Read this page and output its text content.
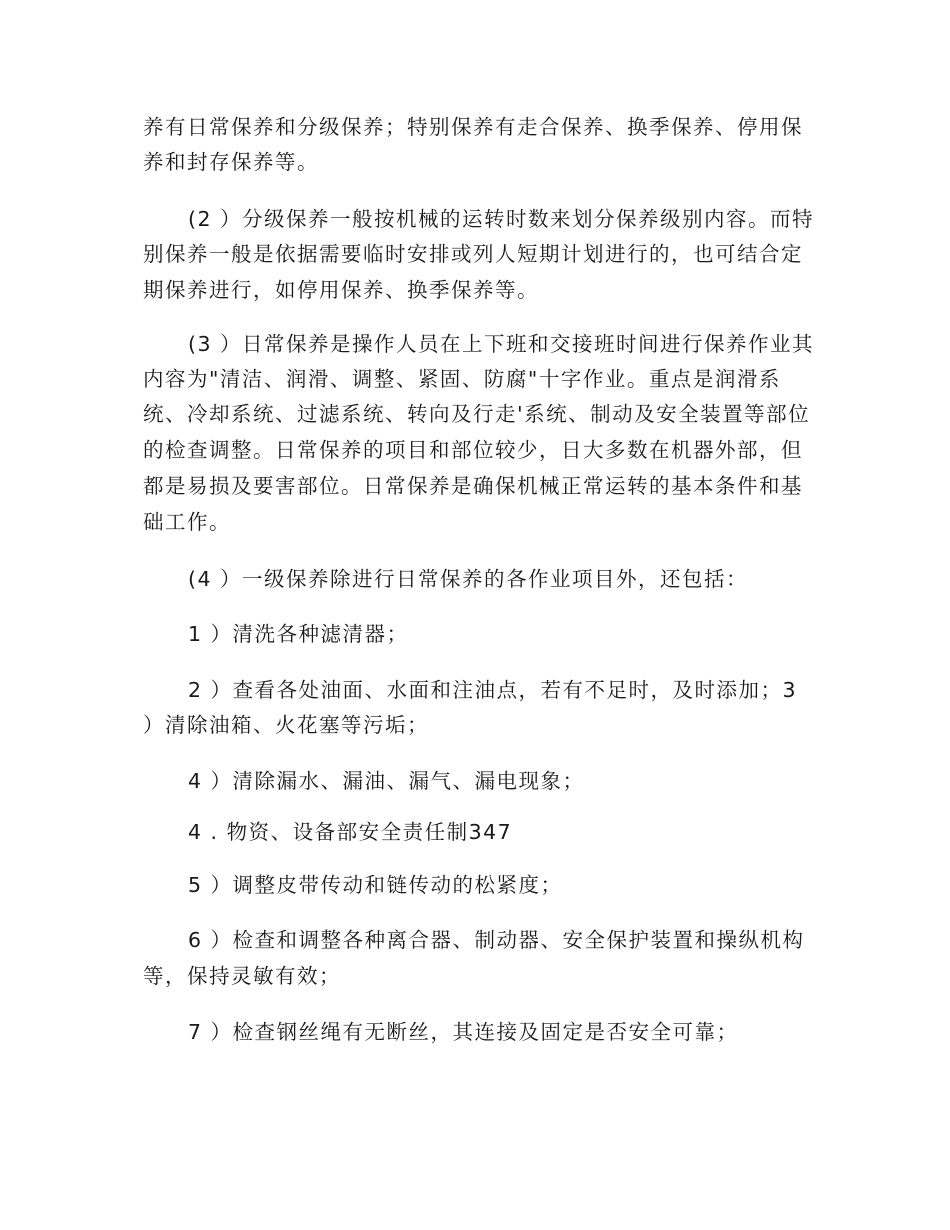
养有日常保养和分级保养；特别保养有走合保养、换季保养、停用保
养和封存保养等。
(2 ）分级保养一般按机械的运转时数来划分保养级别内容。而特
别保养一般是依据需要临时安排或列人短期计划进行的，也可结合定
期保养进行，如停用保养、换季保养等。
(3 ）日常保养是操作人员在上下班和交接班时间进行保养作业其
内容为"清洁、润滑、调整、紧固、防腐"十字作业。重点是润滑系
统、冷却系统、过滤系统、转向及行走'系统、制动及安全装置等部位
的检查调整。日常保养的项目和部位较少，日大多数在机器外部，但
都是易损及要害部位。日常保养是确保机械正常运转的基本条件和基
础工作。
(4 ）一级保养除进行日常保养的各作业项目外，还包括：
1 ）清洗各种滤清器；
2 ）查看各处油面、水面和注油点，若有不足时，及时添加；3
）清除油箱、火花塞等污垢；
4 ）清除漏水、漏油、漏气、漏电现象；
4 . 物资、设备部安全责任制347
5 ）调整皮带传动和链传动的松紧度；
6 ）检查和调整各种离合器、制动器、安全保护装置和操纵机构
等，保持灵敏有效；
7 ）检查钢丝绳有无断丝，其连接及固定是否安全可靠；
